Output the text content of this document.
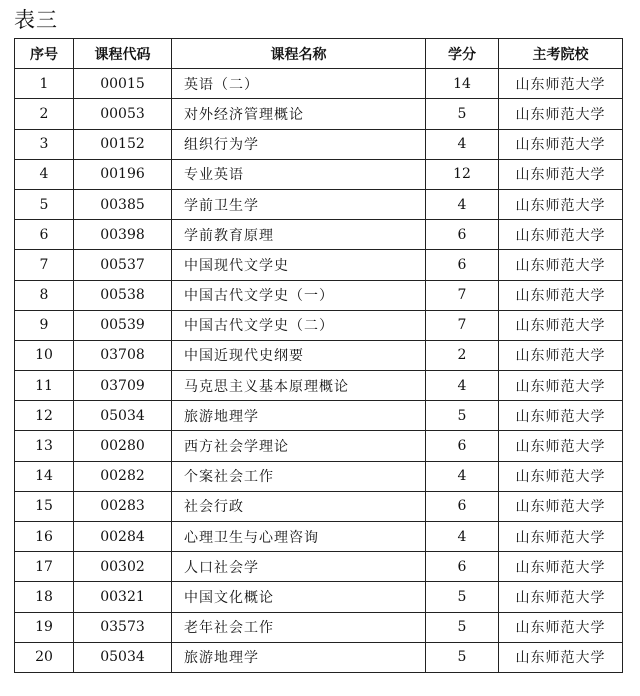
表三
序号	课程代码	课程名称	学分	主考院校
1	00015	英语（二）	14	山东师范大学
2	00053	对外经济管理概论	5	山东师范大学
3	00152	组织行为学	4	山东师范大学
4	00196	专业英语	12	山东师范大学
5	00385	学前卫生学	4	山东师范大学
6	00398	学前教育原理	6	山东师范大学
7	00537	中国现代文学史	6	山东师范大学
8	00538	中国古代文学史（一）	7	山东师范大学
9	00539	中国古代文学史（二）	7	山东师范大学
10	03708	中国近现代史纲要	2	山东师范大学
11	03709	马克思主义基本原理概论	4	山东师范大学
12	05034	旅游地理学	5	山东师范大学
13	00280	西方社会学理论	6	山东师范大学
14	00282	个案社会工作	4	山东师范大学
15	00283	社会行政	6	山东师范大学
16	00284	心理卫生与心理咨询	4	山东师范大学
17	00302	人口社会学	6	山东师范大学
18	00321	中国文化概论	5	山东师范大学
19	03573	老年社会工作	5	山东师范大学
20	05034	旅游地理学	5	山东师范大学
